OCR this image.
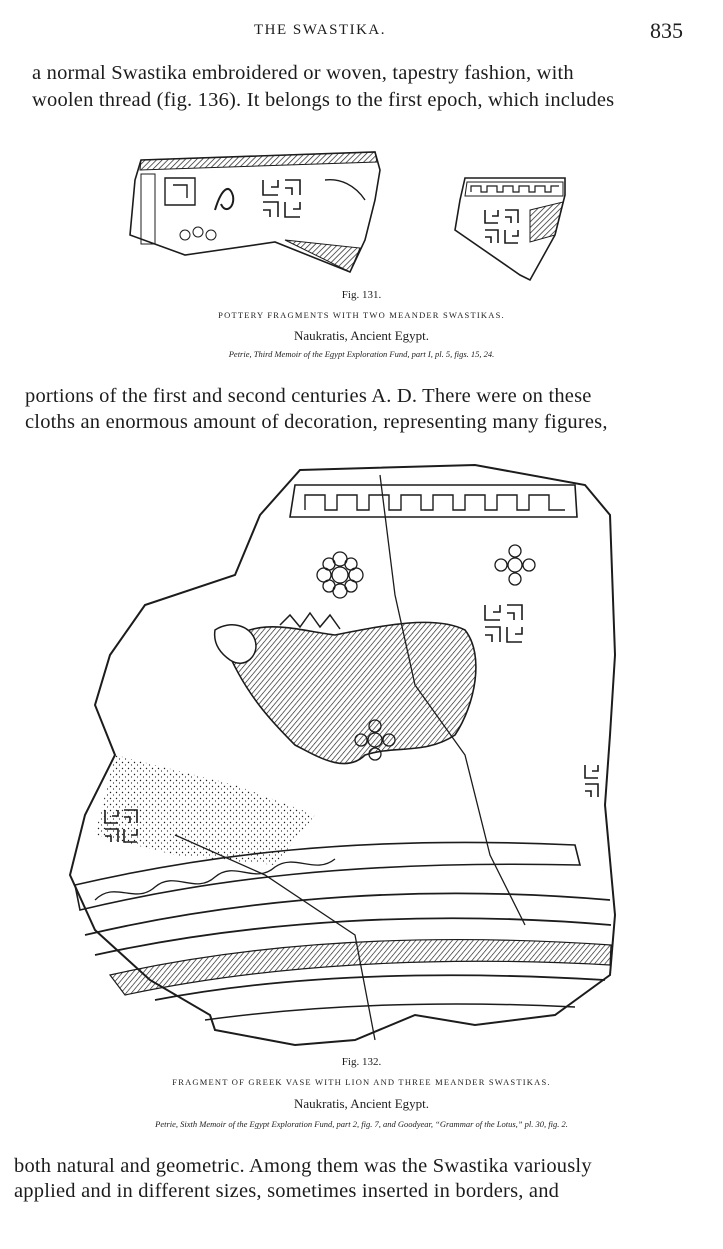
THE SWASTIKA.	835
a normal Swastika embroidered or woven, tapestry fashion, with
woolen thread (fig. 136). It belongs to the first epoch, which includes
Fig. 131.
POTTERY FRAGMENTS WITH TWO MEANDER SWASTIKAS.
Naukratis, Ancient Egypt.
Petrie, Third Memoir of the Egypt Exploration Fund, part I, pl. 5, figs. 15, 24.
portions of the first and second centuries A. D. There were on these
cloths an enormous amount of decoration, representing many figures,
Fig. 132.
FRAGMENT OF GREEK VASE WITH LION AND THREE MEANDER SWASTIKAS.
Naukratis, Ancient Egypt.
Petrie, Sixth Memoir of the Egypt Exploration Fund, part 2, fig. 7, and Goodyear, “Grammar of the Lotus,” pl. 30, fig. 2.
both natural and geometric. Among them was the Swastika variously
applied and in different sizes, sometimes inserted in borders, and
